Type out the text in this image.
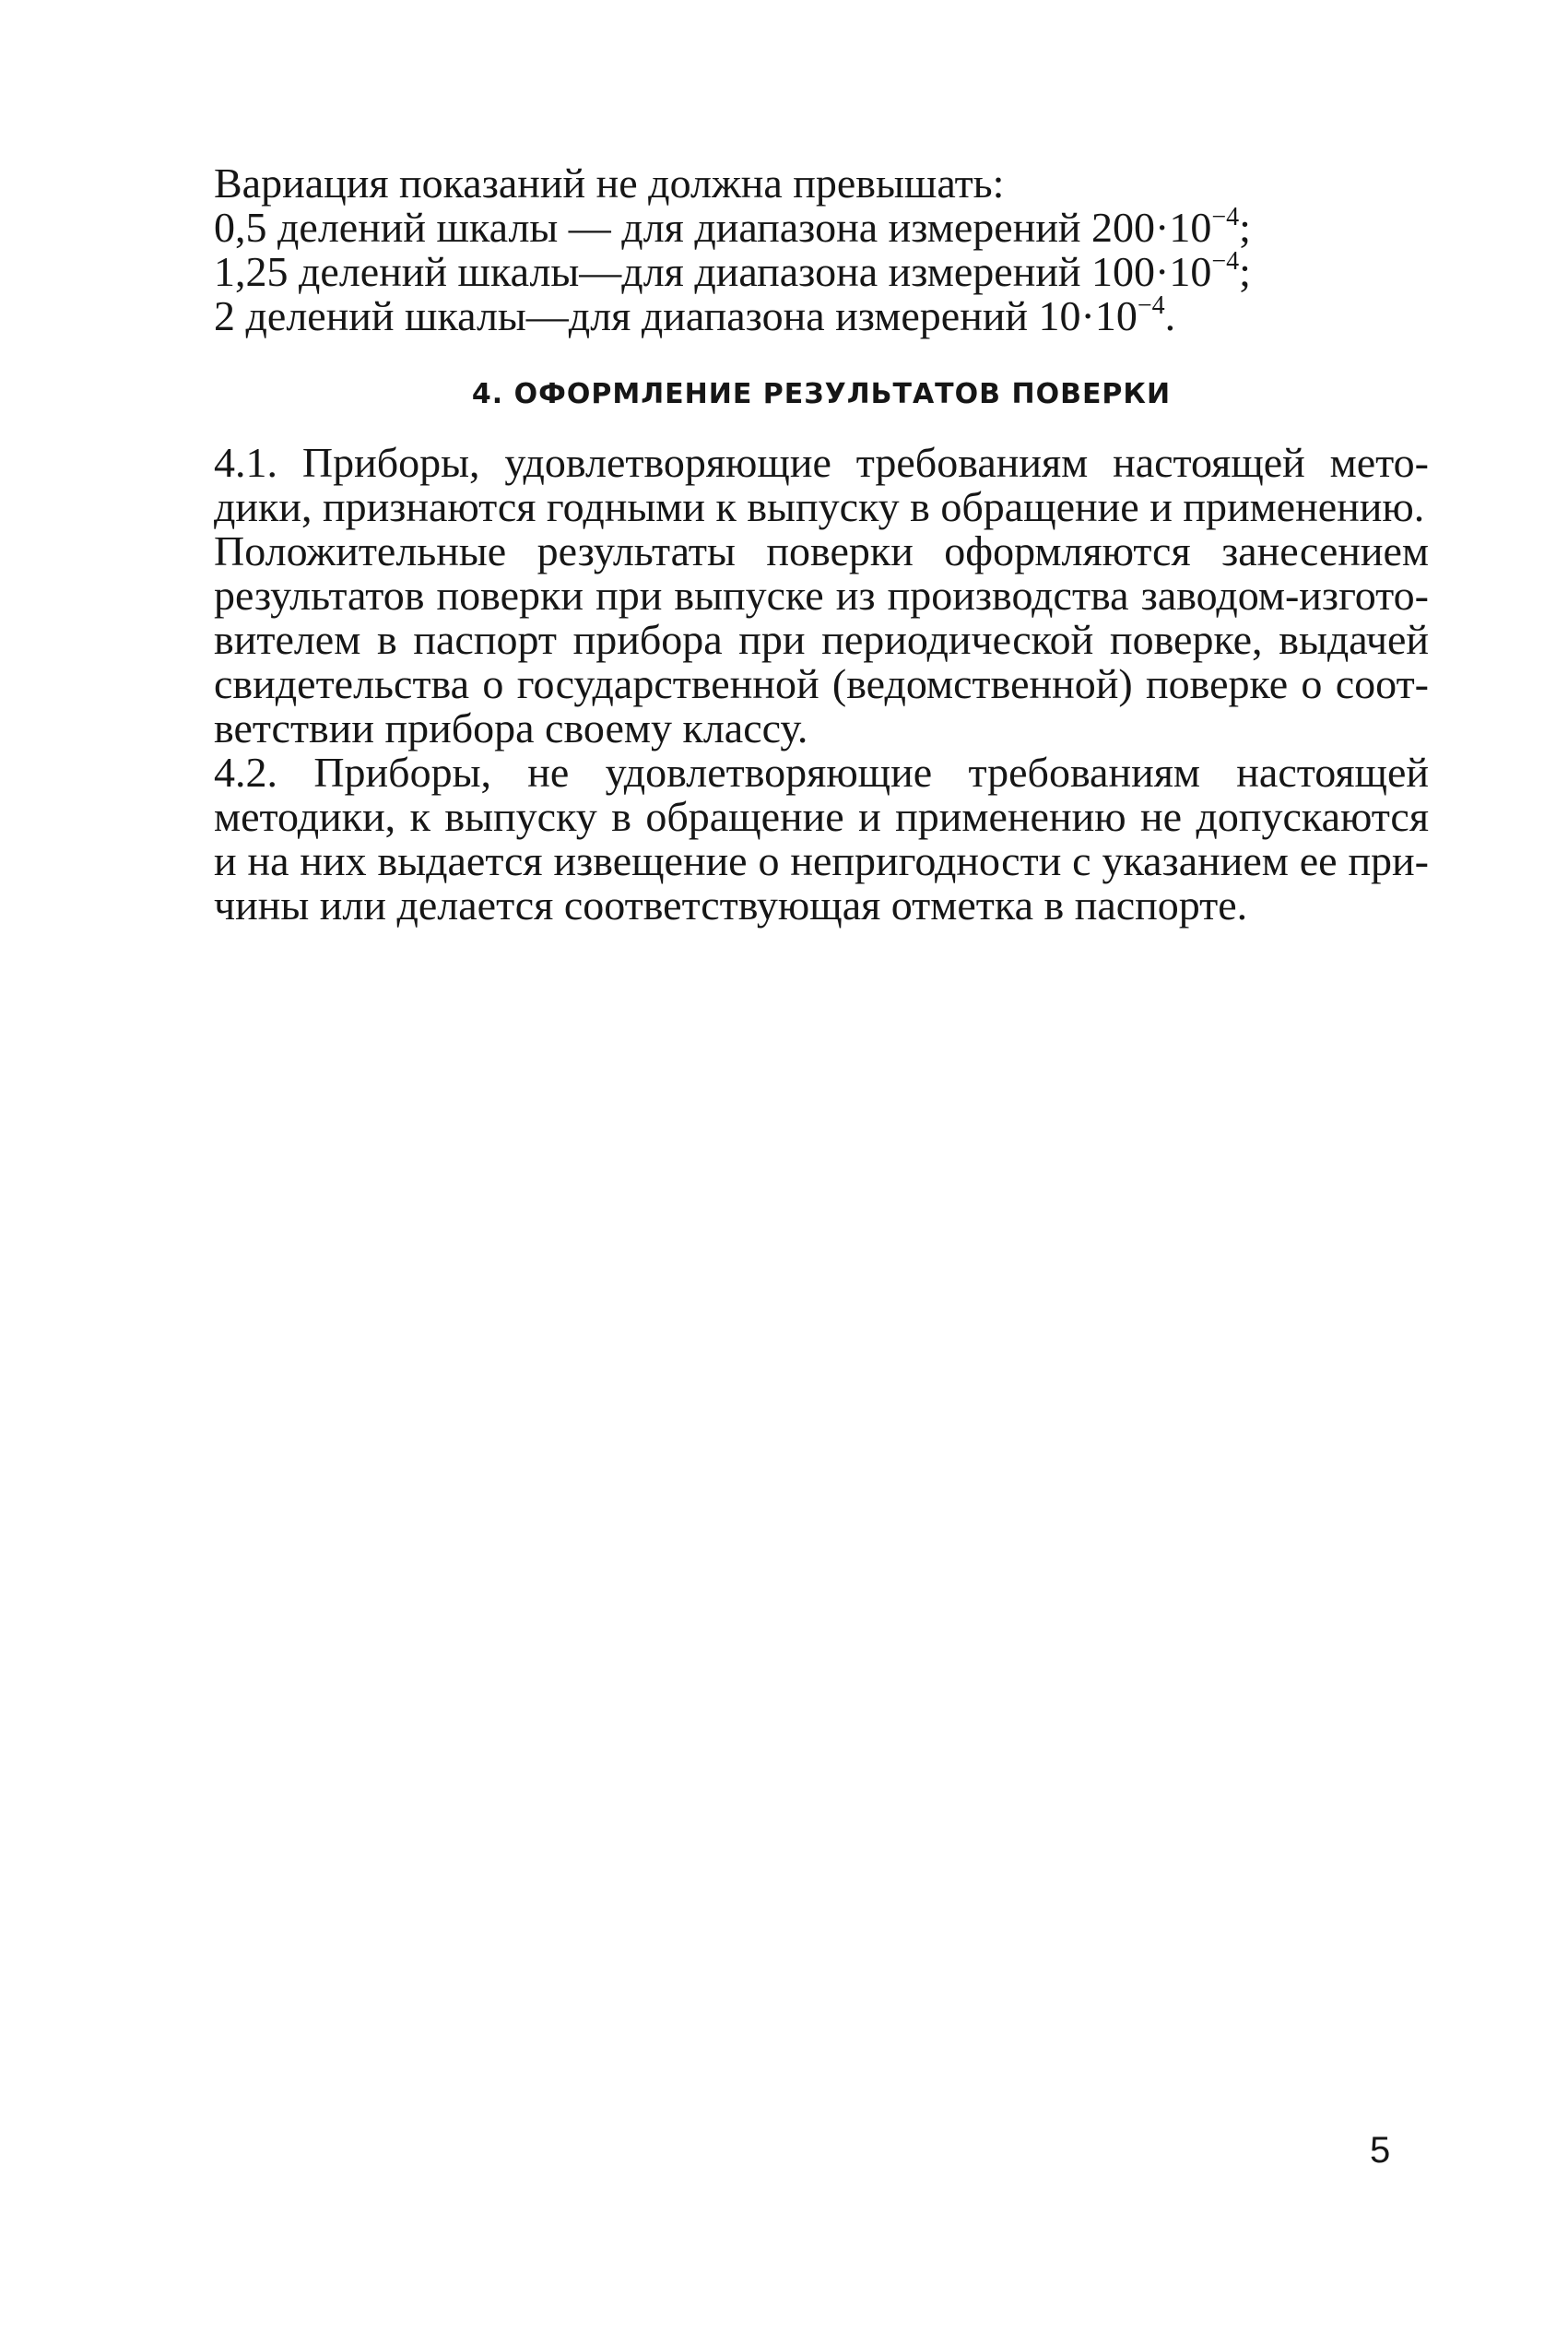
Вариация показаний не должна превышать:
0,5 делений шкалы — для диапазона измерений $200\cdot 10^{-4}$;
1,25 делений шкалы—для диапазона измерений $100\cdot 10^{-4}$;
2 делений шкалы—для диапазона измерений $10\cdot 10^{-4}$.
4. ОФОРМЛЕНИЕ РЕЗУЛЬТАТОВ ПОВЕРКИ

4.1. Приборы, удовлетворяющие требованиям настоящей мето-
дики, признаются годными к выпуску в обращение и применению.

Положительные результаты поверки оформляются занесением
результатов поверки при выпуске из производства заводом-изгото-
вителем в паспорт прибора при периодической поверке, выдачей
свидетельства о государственной (ведомственной) поверке о соот-
ветствии прибора своему классу.

4.2. Приборы, не удовлетворяющие требованиям настоящей
методики, к выпуску в обращение и применению не допускаются
и на них выдается извещение о непригодности с указанием ее при-
чины или делается соответствующая отметка в паспорте.

5
